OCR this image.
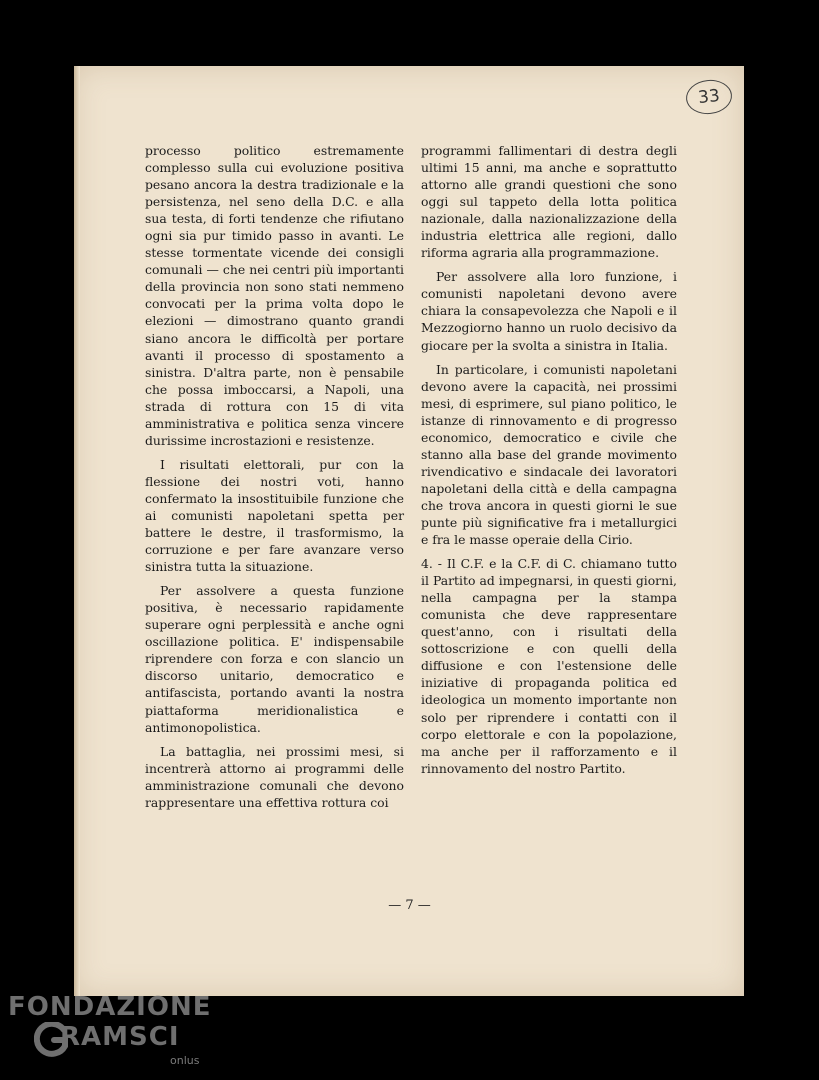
33

processo politico estremamente complesso sulla cui evoluzione positiva pesano ancora la destra tradizionale e la persistenza, nel seno della D.C. e alla sua testa, di forti tendenze che rifiutano ogni sia pur timido passo in avanti. Le stesse tormentate vicende dei consigli comunali — che nei centri più importanti della provincia non sono stati nemmeno convocati per la prima volta dopo le elezioni — dimostrano quanto grandi siano ancora le difficoltà per portare avanti il processo di spostamento a sinistra. D'altra parte, non è pensabile che possa imboccarsi, a Napoli, una strada di rottura con 15 di vita amministrativa e politica senza vincere durissime incrostazioni e resistenze.

I risultati elettorali, pur con la flessione dei nostri voti, hanno confermato la insostituibile funzione che ai comunisti napoletani spetta per battere le destre, il trasformismo, la corruzione e per fare avanzare verso sinistra tutta la situazione.

Per assolvere a questa funzione positiva, è necessario rapidamente superare ogni perplessità e anche ogni oscillazione politica. E' indispensabile riprendere con forza e con slancio un discorso unitario, democratico e antifascista, portando avanti la nostra piattaforma meridionalistica e antimonopolistica.

La battaglia, nei prossimi mesi, si incentrerà attorno ai programmi delle amministrazione comunali che devono rappresentare una effettiva rottura coi

programmi fallimentari di destra degli ultimi 15 anni, ma anche e soprattutto attorno alle grandi questioni che sono oggi sul tappeto della lotta politica nazionale, dalla nazionalizzazione della industria elettrica alle regioni, dallo riforma agraria alla programmazione.

Per assolvere alla loro funzione, i comunisti napoletani devono avere chiara la consapevolezza che Napoli e il Mezzogiorno hanno un ruolo decisivo da giocare per la svolta a sinistra in Italia.

In particolare, i comunisti napoletani devono avere la capacità, nei prossimi mesi, di esprimere, sul piano politico, le istanze di rinnovamento e di progresso economico, democratico e civile che stanno alla base del grande movimento rivendicativo e sindacale dei lavoratori napoletani della città e della campagna che trova ancora in questi giorni le sue punte più significative fra i metallurgici e fra le masse operaie della Cirio.

4. - Il C.F. e la C.F. di C. chiamano tutto il Partito ad impegnarsi, in questi giorni, nella campagna per la stampa comunista che deve rappresentare quest'anno, con i risultati della sottoscrizione e con quelli della diffusione e con l'estensione delle iniziative di propaganda politica ed ideologica un momento importante non solo per riprendere i contatti con il corpo elettorale e con la popolazione, ma anche per il rafforzamento e il rinnovamento del nostro Partito.

— 7 —
FONDAZIONE
RAMSCI
onlus
